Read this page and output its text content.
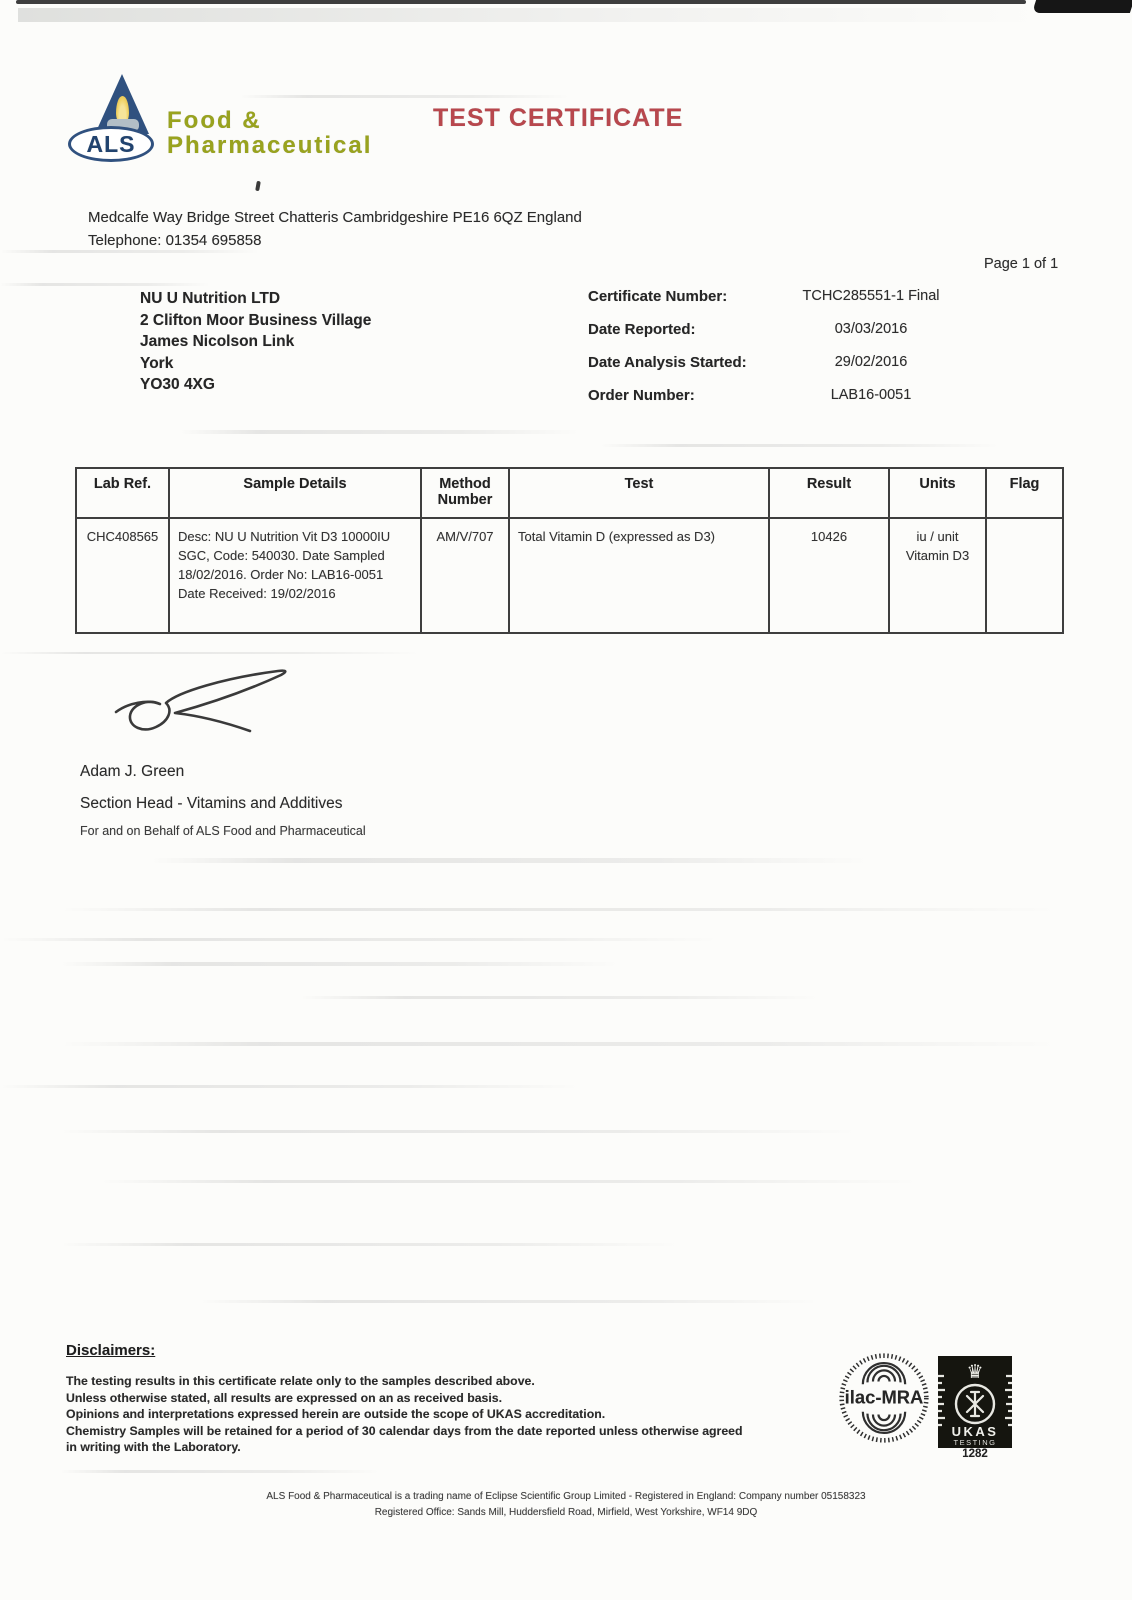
ALS
Food &
Pharmaceutical
TEST CERTIFICATE
Medcalfe Way Bridge Street Chatteris Cambridgeshire PE16 6QZ England
Telephone: 01354 695858
Page 1 of 1
NU U Nutrition LTD
2 Clifton Moor Business Village
James Nicolson Link
York
YO30 4XG
Certificate Number:	TCHC285551-1 Final
Date Reported:	03/03/2016
Date Analysis Started:	29/02/2016
Order Number:	LAB16-0051
Lab Ref.	Sample Details	Method Number	Test	Result	Units	Flag
CHC408565	Desc: NU U Nutrition Vit D3 10000IU SGC, Code: 540030. Date Sampled 18/02/2016. Order No: LAB16-0051 Date Received: 19/02/2016	AM/V/707	Total Vitamin D (expressed as D3)	10426	iu / unit Vitamin D3	
Adam J. Green
Section Head - Vitamins and Additives
For and on Behalf of ALS Food and Pharmaceutical
Disclaimers:
The testing results in this certificate relate only to the samples described above.
Unless otherwise stated, all results are expressed on an as received basis.
Opinions and interpretations expressed herein are outside the scope of UKAS accreditation.
Chemistry Samples will be retained for a period of 30 calendar days from the date reported unless otherwise agreed in writing with the Laboratory.
ilac-MRA
♛
UKAS
TESTING
1282
ALS Food & Pharmaceutical is a trading name of Eclipse Scientific Group Limited - Registered in England: Company number 05158323
Registered Office: Sands Mill, Huddersfield Road, Mirfield, West Yorkshire, WF14 9DQ
